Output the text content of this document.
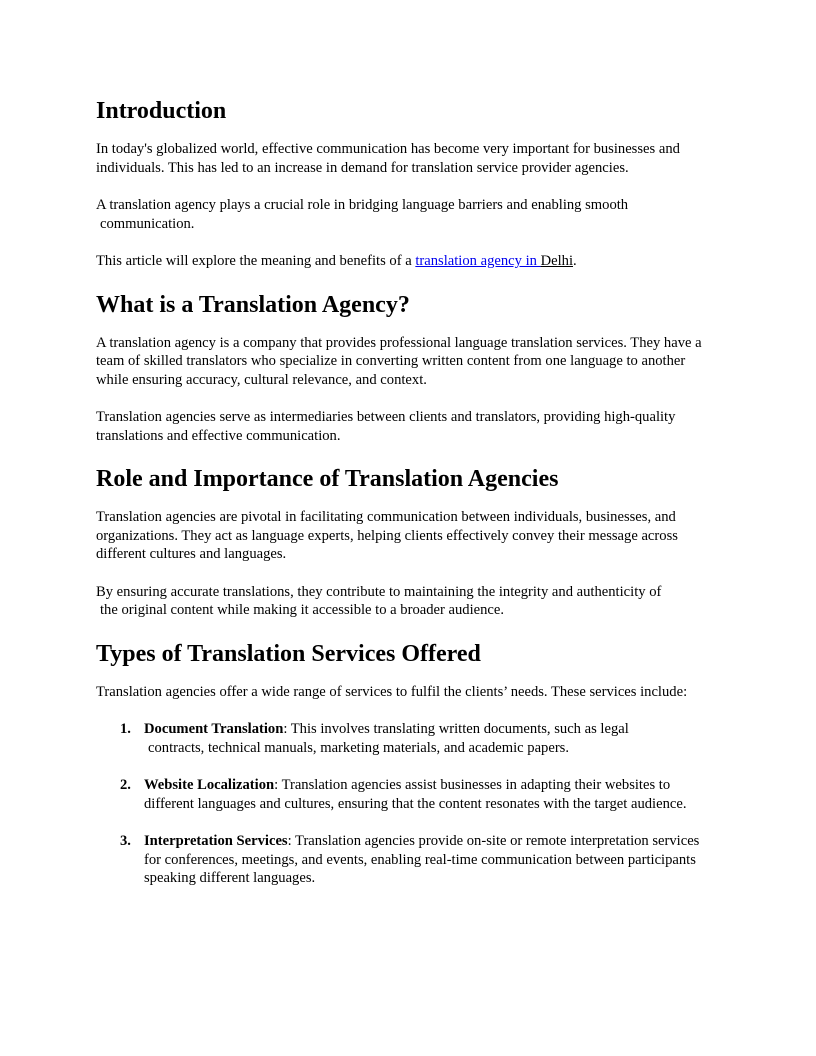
Introduction

In today's globalized world, effective communication has become very important for businesses and individuals. This has led to an increase in demand for translation service provider agencies.

A translation agency plays a crucial role in bridging language barriers and enabling smooth
communication.

This article will explore the meaning and benefits of a translation agency in Delhi.

What is a Translation Agency?

A translation agency is a company that provides professional language translation services. They have a team of skilled translators who specialize in converting written content from one language to another while ensuring accuracy, cultural relevance, and context.

Translation agencies serve as intermediaries between clients and translators, providing high-quality translations and effective communication.

Role and Importance of Translation Agencies

Translation agencies are pivotal in facilitating communication between individuals, businesses, and organizations. They act as language experts, helping clients effectively convey their message across different cultures and languages.

By ensuring accurate translations, they contribute to maintaining the integrity and authenticity of
the original content while making it accessible to a broader audience.

Types of Translation Services Offered

Translation agencies offer a wide range of services to fulfil the clients’ needs. These services include:

1. Document Translation: This involves translating written documents, such as legal
contracts, technical manuals, marketing materials, and academic papers.
2. Website Localization: Translation agencies assist businesses in adapting their websites to different languages and cultures, ensuring that the content resonates with the target audience.
3. Interpretation Services: Translation agencies provide on-site or remote interpretation services for conferences, meetings, and events, enabling real-time communication between participants speaking different languages.
